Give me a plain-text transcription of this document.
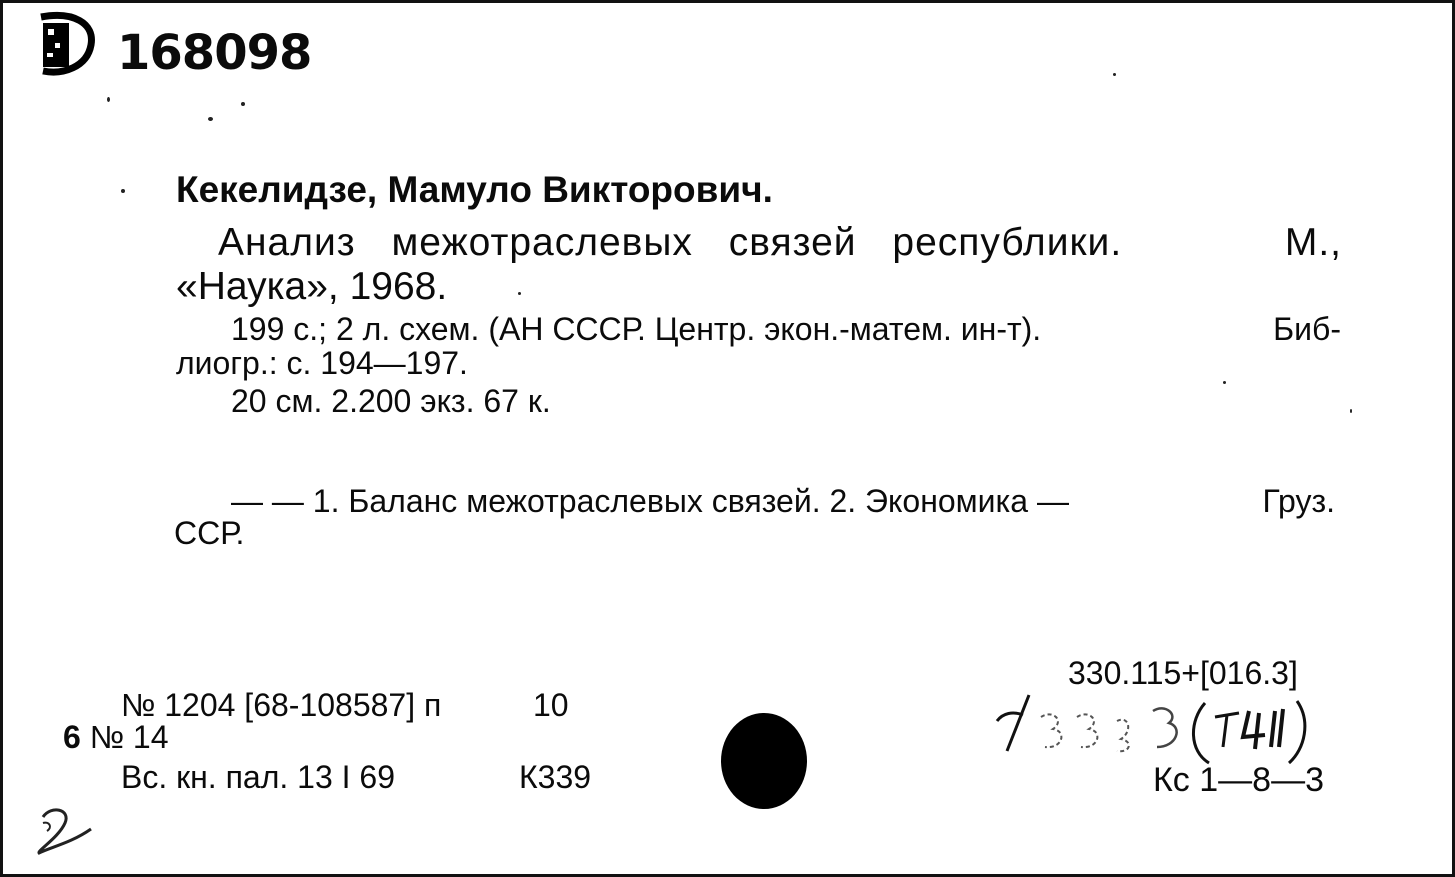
168098
Кекелидзе, Мамуло Викторович.
Анализ межотраслевых связей республики.	М.,
«Наука», 1968.
199 с.; 2 л. схем. (АН СССР. Центр. экон.-матем. ин-т).	Биб-
лиогр.: с. 194—197.
20 см. 2.200 экз. 67 к.
— — 1. Баланс межотраслевых связей. 2. Экономика —	Груз.
ССР.
№ 1204 [68-108587] п	10
6 № 14
Вс. кн. пал. 13 I 69	К339
330.115+[016.3]
Кс 1—8—3
